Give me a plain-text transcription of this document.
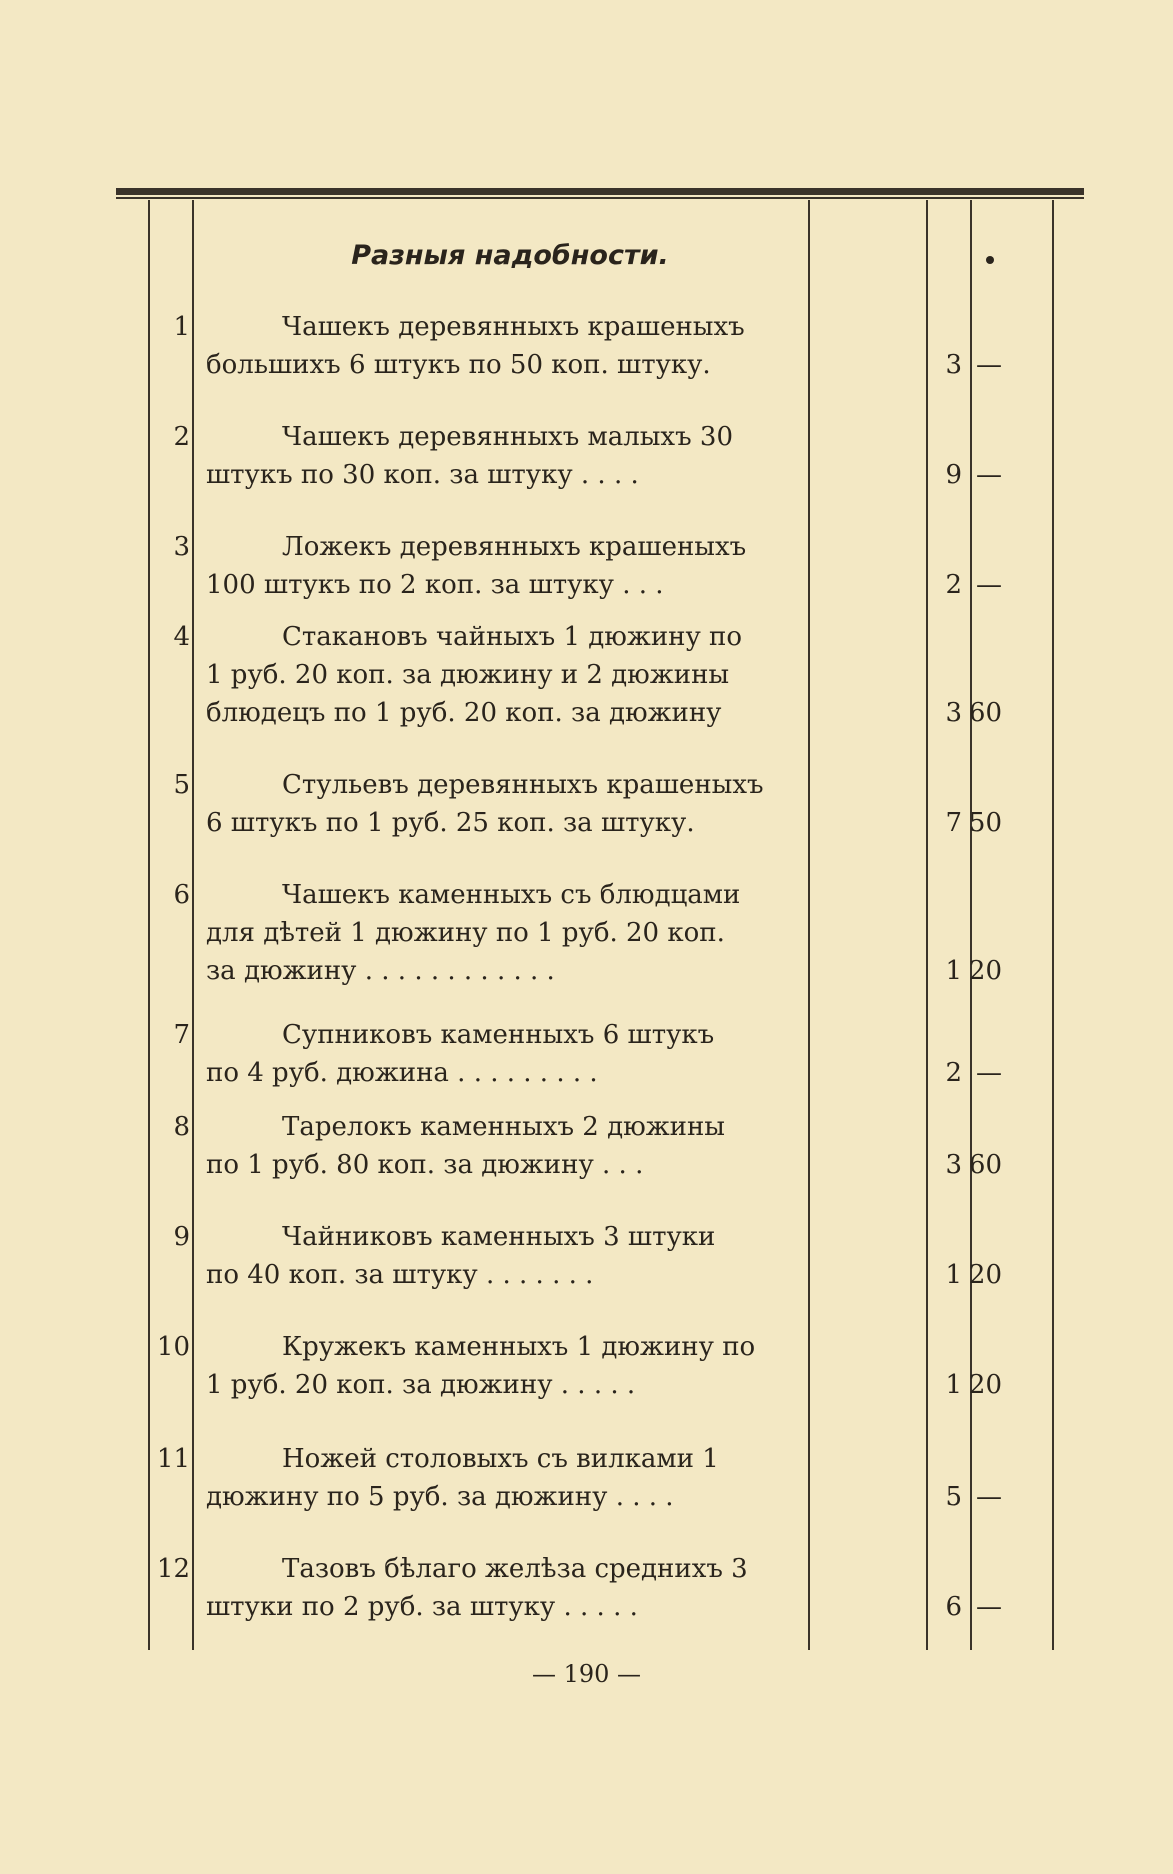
Разныя надобности.
1	Чашекъ деревянныхъ крашеныхъ
большихъ 6 штукъ по 50 коп. штуку.	3 —
2	Чашекъ деревянныхъ малыхъ 30
штукъ по 30 коп. за штуку . . . .	9 —
3	Ложекъ деревянныхъ крашеныхъ
100 штукъ по 2 коп. за штуку . . .	2 —
4	Стакановъ чайныхъ 1 дюжину по
1 руб. 20 коп. за дюжину и 2 дюжины
блюдецъ по 1 руб. 20 коп. за дюжину	3 60
5	Стульевъ деревянныхъ крашеныхъ
6 штукъ по 1 руб. 25 коп. за штуку.	7 50
6	Чашекъ каменныхъ съ блюдцами
для дѣтей 1 дюжину по 1 руб. 20 коп.
за дюжину . . . . . . . . . . . .	1 20
7	Супниковъ каменныхъ 6 штукъ
по 4 руб. дюжина . . . . . . . . .	2 —
8	Тарелокъ каменныхъ 2 дюжины
по 1 руб. 80 коп. за дюжину . . .	3 60
9	Чайниковъ каменныхъ 3 штуки
по 40 коп. за штуку . . . . . . .	1 20
10	Кружекъ каменныхъ 1 дюжину по
1 руб. 20 коп. за дюжину . . . . .	1 20
11	Ножей столовыхъ съ вилками 1
дюжину по 5 руб. за дюжину . . . .	5 —
12	Тазовъ бѣлаго желѣза среднихъ 3
штуки по 2 руб. за штуку . . . . .	6 —
— 190 —
